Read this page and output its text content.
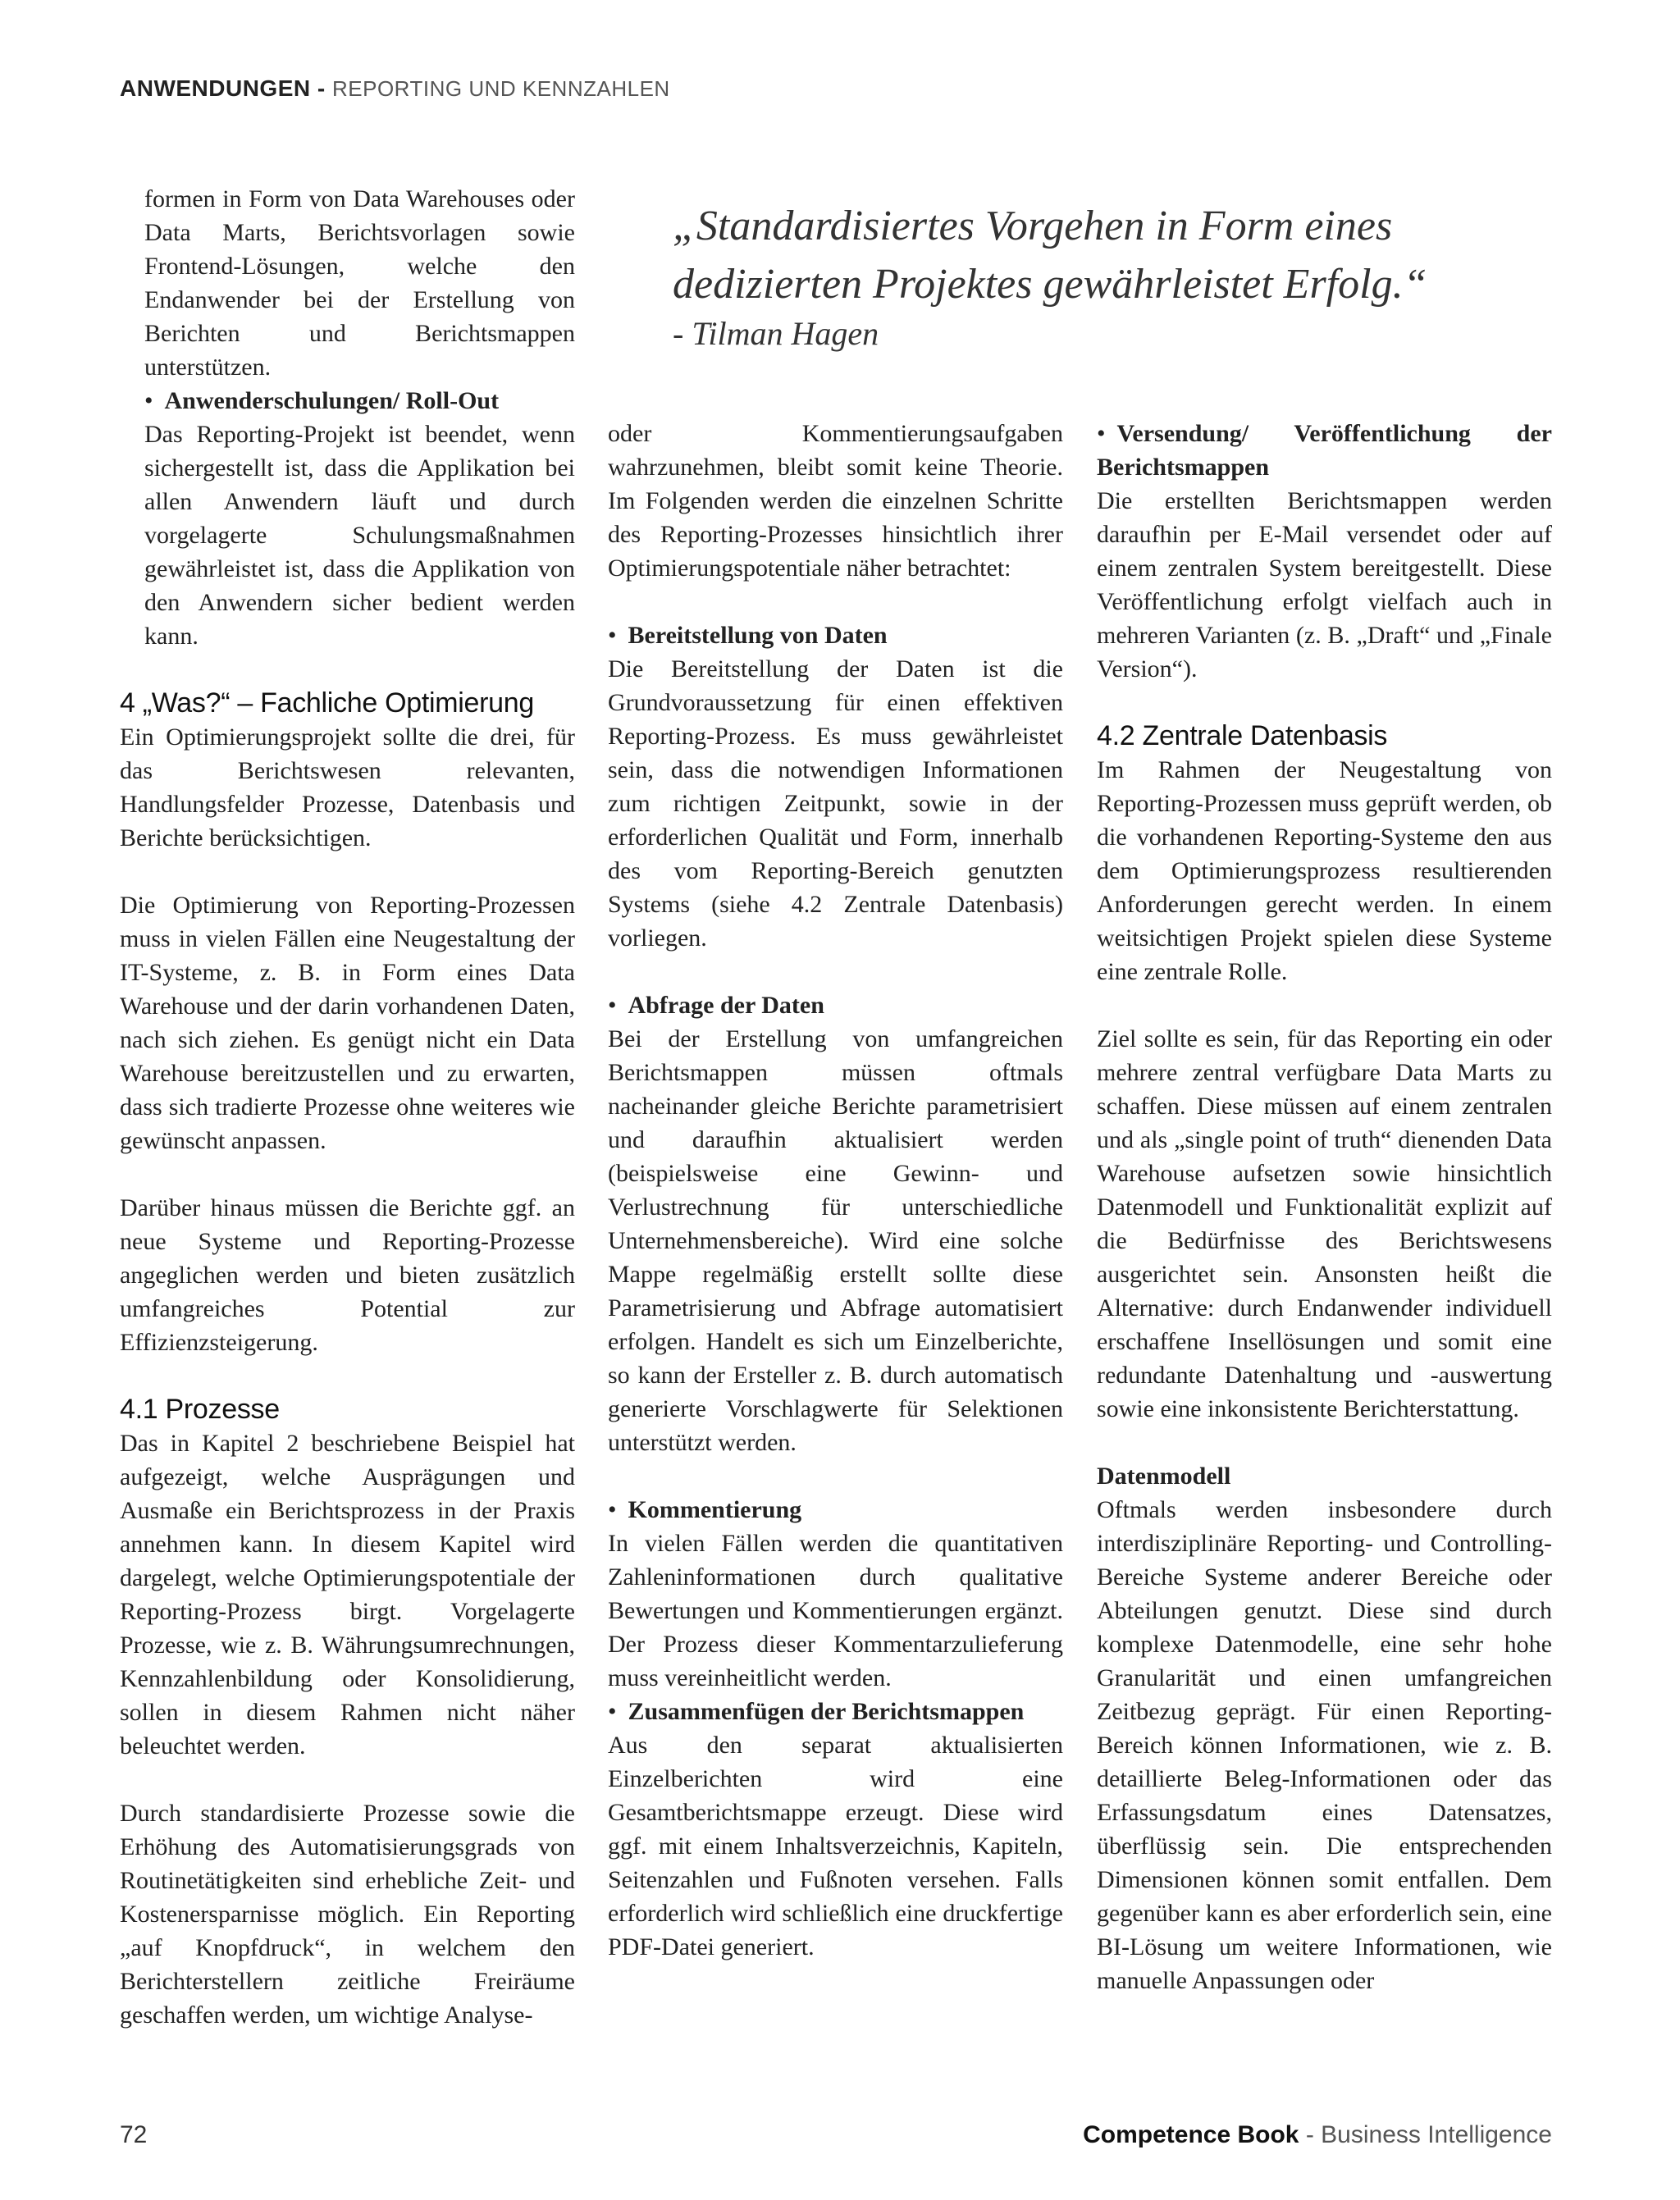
ANWENDUNGEN - REPORTING UND KENNZAHLEN
„Standardisiertes Vorgehen in Form eines
dedizierten Projektes gewährleistet Erfolg.“
- Tilman Hagen

formen in Form von Data Warehouses oder Data Marts, Berichtsvorlagen sowie Frontend-Lösungen, welche den Endanwender bei der Erstellung von Berichten und Berichtsmappen unterstützen.

• Anwenderschulungen/ Roll-Out

Das Reporting-Projekt ist beendet, wenn sichergestellt ist, dass die Applikation bei allen Anwendern läuft und durch vorgelagerte Schulungsmaßnahmen gewährleistet ist, dass die Applikation von den Anwendern sicher bedient werden kann.

4 „Was?“ – Fachliche Optimierung

Ein Optimierungsprojekt sollte die drei, für das Berichtswesen relevanten, Handlungsfelder Prozesse, Datenbasis und Berichte berücksichtigen.

Die Optimierung von Reporting-Prozessen muss in vielen Fällen eine Neugestaltung der IT-Systeme, z. B. in Form eines Data Warehouse und der darin vorhandenen Daten, nach sich ziehen. Es genügt nicht ein Data Warehouse bereitzustellen und zu erwarten, dass sich tradierte Prozesse ohne weiteres wie gewünscht anpassen.

Darüber hinaus müssen die Berichte ggf. an neue Systeme und Reporting-Prozesse angeglichen werden und bieten zusätzlich umfangreiches Potential zur Effizienzsteigerung.

4.1 Prozesse

Das in Kapitel 2 beschriebene Beispiel hat aufgezeigt, welche Ausprägungen und Ausmaße ein Berichtsprozess in der Praxis annehmen kann. In diesem Kapitel wird dargelegt, welche Optimierungspotentiale der Reporting-Prozess birgt. Vorgelagerte Prozesse, wie z. B. Währungsumrechnungen, Kennzahlenbildung oder Konsolidierung, sollen in diesem Rahmen nicht näher beleuchtet werden.

Durch standardisierte Prozesse sowie die Erhöhung des Automatisierungsgrads von Routinetätigkeiten sind erhebliche Zeit- und Kostenersparnisse möglich. Ein Reporting „auf Knopfdruck“, in welchem den Berichterstellern zeitliche Freiräume geschaffen werden, um wichtige Analyse-

oder Kommentierungsaufgaben wahrzunehmen, bleibt somit keine Theorie. Im Folgenden werden die einzelnen Schritte des Reporting-Prozesses hinsichtlich ihrer Optimierungspotentiale näher betrachtet:

• Bereitstellung von Daten

Die Bereitstellung der Daten ist die Grundvoraussetzung für einen effektiven Reporting-Prozess. Es muss gewährleistet sein, dass die notwendigen Informationen zum richtigen Zeitpunkt, sowie in der erforderlichen Qualität und Form, innerhalb des vom Reporting-Bereich genutzten Systems (siehe 4.2 Zentrale Datenbasis) vorliegen.

• Abfrage der Daten

Bei der Erstellung von umfangreichen Berichtsmappen müssen oftmals nacheinander gleiche Berichte parametrisiert und daraufhin aktualisiert werden (beispielsweise eine Gewinn- und Verlustrechnung für unterschiedliche Unternehmensbereiche). Wird eine solche Mappe regelmäßig erstellt sollte diese Parametrisierung und Abfrage automatisiert erfolgen. Handelt es sich um Einzelberichte, so kann der Ersteller z. B. durch automatisch generierte Vorschlagwerte für Selektionen unterstützt werden.

• Kommentierung

In vielen Fällen werden die quantitativen Zahleninformationen durch qualitative Bewertungen und Kommentierungen ergänzt. Der Prozess dieser Kommentarzulieferung muss vereinheitlicht werden.

• Zusammenfügen der Berichtsmappen

Aus den separat aktualisierten Einzelberichten wird eine Gesamtberichtsmappe erzeugt. Diese wird ggf. mit einem Inhaltsverzeichnis, Kapiteln, Seitenzahlen und Fußnoten versehen. Falls erforderlich wird schließlich eine druckfertige PDF-Datei generiert.

• Versendung/ Veröffentlichung der Berichtsmappen

Die erstellten Berichtsmappen werden daraufhin per E-Mail versendet oder auf einem zentralen System bereitgestellt. Diese Veröffentlichung erfolgt vielfach auch in mehreren Varianten (z. B. „Draft“ und „Finale Version“).

4.2 Zentrale Datenbasis

Im Rahmen der Neugestaltung von Reporting-Prozessen muss geprüft werden, ob die vorhandenen Reporting-Systeme den aus dem Optimierungsprozess resultierenden Anforderungen gerecht werden. In einem weitsichtigen Projekt spielen diese Systeme eine zentrale Rolle.

Ziel sollte es sein, für das Reporting ein oder mehrere zentral verfügbare Data Marts zu schaffen. Diese müssen auf einem zentralen und als „single point of truth“ dienenden Data Warehouse aufsetzen sowie hinsichtlich Datenmodell und Funktionalität explizit auf die Bedürfnisse des Berichtswesens ausgerichtet sein. Ansonsten heißt die Alternative: durch Endanwender individuell erschaffene Insellösungen und somit eine redundante Datenhaltung und -auswertung sowie eine inkonsistente Berichterstattung.

Datenmodell

Oftmals werden insbesondere durch interdisziplinäre Reporting- und Controlling-Bereiche Systeme anderer Bereiche oder Abteilungen genutzt. Diese sind durch komplexe Datenmodelle, eine sehr hohe Granularität und einen umfangreichen Zeitbezug geprägt. Für einen Reporting-Bereich können Informationen, wie z. B. detaillierte Beleg-Informationen oder das Erfassungsdatum eines Datensatzes, überflüssig sein. Die entsprechenden Dimensionen können somit entfallen. Dem gegenüber kann es aber erforderlich sein, eine BI-Lösung um weitere Informationen, wie manuelle Anpassungen oder

72	Competence Book - Business Intelligence
